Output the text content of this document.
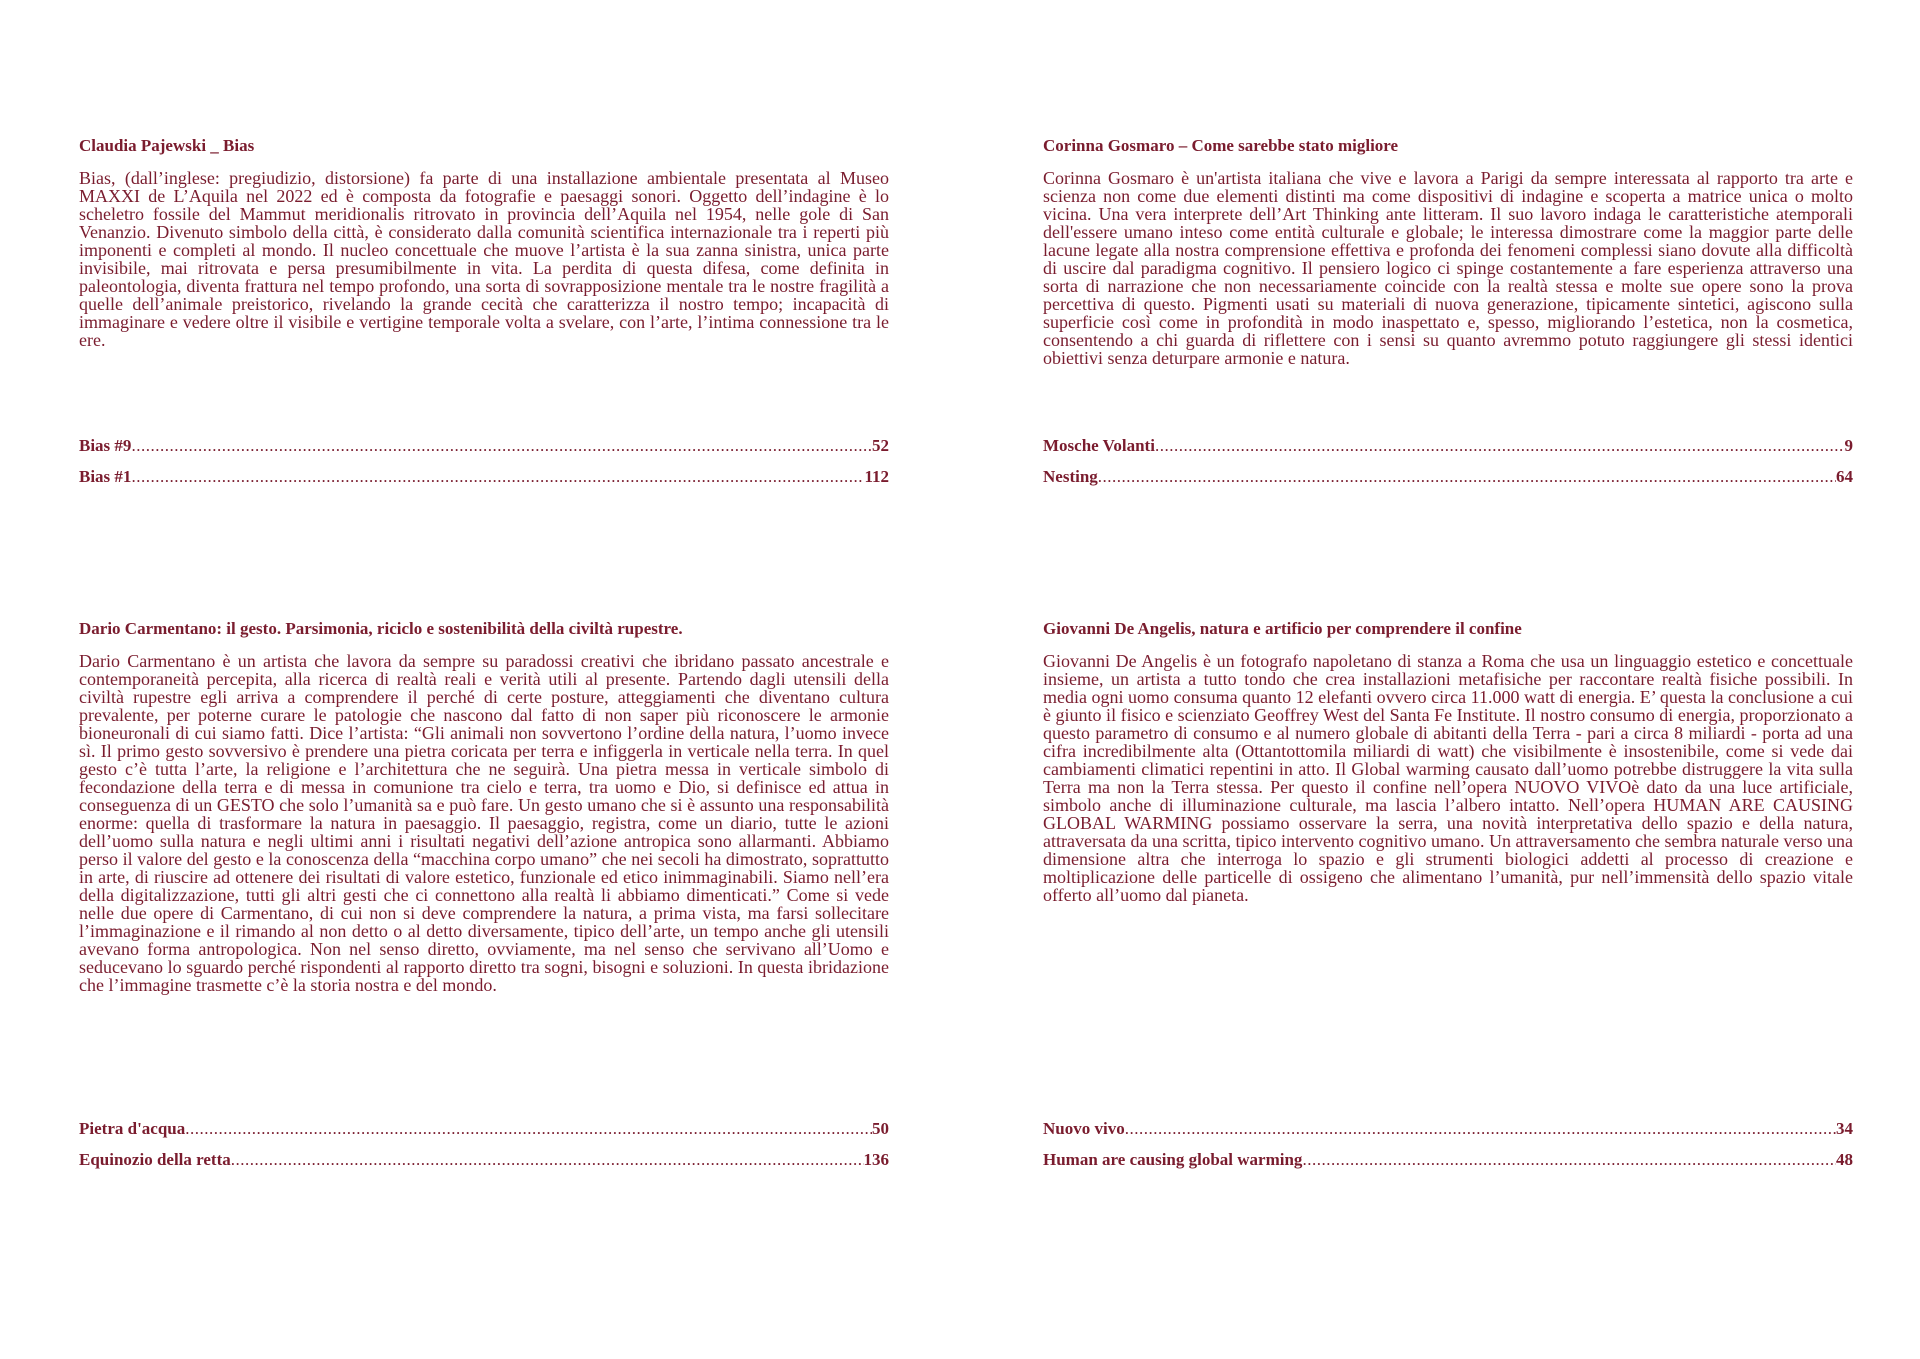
Claudia Pajewski _ Bias

Bias, (dall’inglese: pregiudizio, distorsione) fa parte di una installazione ambientale presentata al Museo MAXXI de L’Aquila nel 2022 ed è composta da fotografie e paesaggi sonori. Oggetto dell’indagine è lo scheletro fossile del Mammut meridionalis ritrovato in provincia dell’Aquila nel 1954, nelle gole di San Venanzio. Divenuto simbolo della città, è considerato dalla comunità scientifica internazionale tra i reperti più imponenti e completi al mondo. Il nucleo concettuale che muove l’artista è la sua zanna sinistra, unica parte invisibile, mai ritrovata e persa presumibilmente in vita. La perdita di questa difesa, come definita in paleontologia, diventa frattura nel tempo profondo, una sorta di sovrapposizione mentale tra le nostre fragilità a quelle dell’animale preistorico, rivelando la grande cecità che caratterizza il nostro tempo; incapacità di immaginare e vedere oltre il visibile e vertigine temporale volta a svelare, con l’arte, l’intima connessione tra le ere.

Bias #9 .....	52
Bias #1 .....	112
Corinna Gosmaro – Come sarebbe stato migliore

Corinna Gosmaro è un'artista italiana che vive e lavora a Parigi da sempre interessata al rapporto tra arte e scienza non come due elementi distinti ma come dispositivi di indagine e scoperta a matrice unica o molto vicina. Una vera interprete dell’Art Thinking ante litteram. Il suo lavoro indaga le caratteristiche atemporali dell'essere umano inteso come entità culturale e globale; le interessa dimostrare come la maggior parte delle lacune legate alla nostra comprensione effettiva e profonda dei fenomeni complessi siano dovute alla difficoltà di uscire dal paradigma cognitivo. Il pensiero logico ci spinge costantemente a fare esperienza attraverso una sorta di narrazione che non necessariamente coincide con la realtà stessa e molte sue opere sono la prova percettiva di questo. Pigmenti usati su materiali di nuova generazione, tipicamente sintetici, agiscono sulla superficie così come in profondità in modo inaspettato e, spesso, migliorando l’estetica, non la cosmetica, consentendo a chi guarda di riflettere con i sensi su quanto avremmo potuto raggiungere gli stessi identici obiettivi senza deturpare armonie e natura.

Mosche Volanti .....	9
Nesting .....	64
Dario Carmentano: il gesto. Parsimonia, riciclo e sostenibilità della civiltà rupestre.

Dario Carmentano è un artista che lavora da sempre su paradossi creativi che ibridano passato ancestrale e contemporaneità percepita, alla ricerca di realtà reali e verità utili al presente. Partendo dagli utensili della civiltà rupestre egli arriva a comprendere il perché di certe posture, atteggiamenti che diventano cultura prevalente, per poterne curare le patologie che nascono dal fatto di non saper più riconoscere le armonie bioneuronali di cui siamo fatti. Dice l’artista: “Gli animali non sovvertono l’ordine della natura, l’uomo invece sì. Il primo gesto sovversivo è prendere una pietra coricata per terra e infiggerla in verticale nella terra. In quel gesto c’è tutta l’arte, la religione e l’architettura che ne seguirà. Una pietra messa in verticale simbolo di fecondazione della terra e di messa in comunione tra cielo e terra, tra uomo e Dio, si definisce ed attua in conseguenza di un GESTO che solo l’umanità sa e può fare. Un gesto umano che si è assunto una responsabilità enorme: quella di trasformare la natura in paesaggio. Il paesaggio, registra, come un diario, tutte le azioni dell’uomo sulla natura e negli ultimi anni i risultati negativi dell’azione antropica sono allarmanti. Abbiamo perso il valore del gesto e la conoscenza della “macchina corpo umano” che nei secoli ha dimostrato, soprattutto in arte, di riuscire ad ottenere dei risultati di valore estetico, funzionale ed etico inimmaginabili. Siamo nell’era della digitalizzazione, tutti gli altri gesti che ci connettono alla realtà li abbiamo dimenticati.” Come si vede nelle due opere di Carmentano, di cui non si deve comprendere la natura, a prima vista, ma farsi sollecitare l’immaginazione e il rimando al non detto o al detto diversamente, tipico dell’arte, un tempo anche gli utensili avevano forma antropologica. Non nel senso diretto, ovviamente, ma nel senso che servivano all’Uomo e seducevano lo sguardo perché rispondenti al rapporto diretto tra sogni, bisogni e soluzioni. In questa ibridazione che l’immagine trasmette c’è la storia nostra e del mondo.

Pietra d'acqua .....	50
Equinozio della retta .....	136
Giovanni De Angelis, natura e artificio per comprendere il confine

Giovanni De Angelis è un fotografo napoletano di stanza a Roma che usa un linguaggio estetico e concettuale insieme, un artista a tutto tondo che crea installazioni metafisiche per raccontare realtà fisiche possibili. In media ogni uomo consuma quanto 12 elefanti ovvero circa 11.000 watt di energia. E’ questa la conclusione a cui è giunto il fisico e scienziato Geoffrey West del Santa Fe Institute. Il nostro consumo di energia, proporzionato a questo parametro di consumo e al numero globale di abitanti della Terra - pari a circa 8 miliardi - porta ad una cifra incredibilmente alta (Ottantottomila miliardi di watt) che visibilmente è insostenibile, come si vede dai cambiamenti climatici repentini in atto. Il Global warming causato dall’uomo potrebbe distruggere la vita sulla Terra ma non la Terra stessa. Per questo il confine nell’opera NUOVO VIVOè dato da una luce artificiale, simbolo anche di illuminazione culturale, ma lascia l’albero intatto. Nell’opera HUMAN ARE CAUSING GLOBAL WARMING possiamo osservare la serra, una novità interpretativa dello spazio e della natura, attraversata da una scritta, tipico intervento cognitivo umano. Un attraversamento che sembra naturale verso una dimensione altra che interroga lo spazio e gli strumenti biologici addetti al processo di creazione e moltiplicazione delle particelle di ossigeno che alimentano l’umanità, pur nell’immensità dello spazio vitale offerto all’uomo dal pianeta.

Nuovo vivo .....	34
Human are causing global warming .....	48
